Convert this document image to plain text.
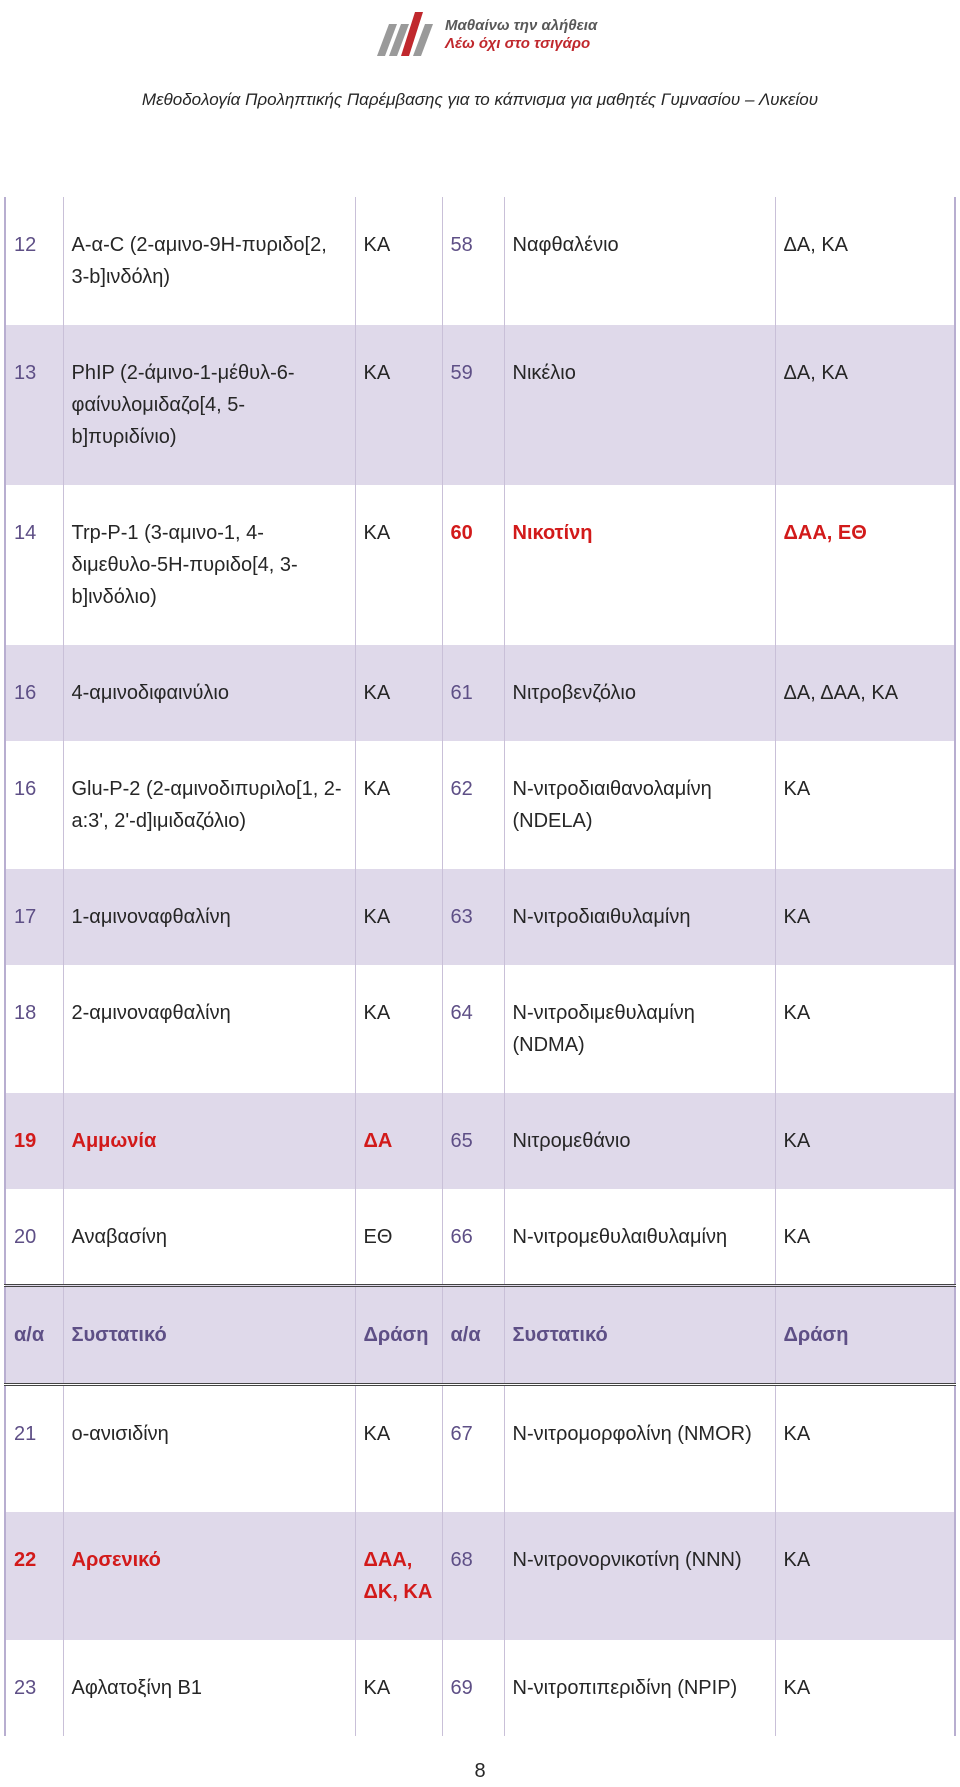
Μαθαίνω την αλήθεια
Λέω όχι στο τσιγάρο
Μεθοδολογία Προληπτικής Παρέμβασης για το κάπνισμα για μαθητές Γυμνασίου – Λυκείου
12	A-α-C (2-αμινο-9H-πυριδο[2, 3-b]ινδόλη)	ΚΑ	58	Ναφθαλένιο	ΔΑ, ΚΑ
13	PhIP (2-άμινο-1-μέθυλ-6-φαίνυλομιδαζο[4, 5-b]πυριδίνιο)	ΚΑ	59	Νικέλιο	ΔΑ, ΚΑ
14	Trp-P-1 (3-αμινο-1, 4-διμεθυλο-5H-πυριδο[4, 3-b]ινδόλιο)	ΚΑ	60	Νικοτίνη	ΔΑΑ, ΕΘ
16	4-αμινοδιφαινύλιο	ΚΑ	61	Νιτροβενζόλιο	ΔΑ, ΔΑΑ, ΚΑ
16	Glu-P-2 (2-αμινοδιπυριλο[1, 2-a:3', 2'-d]ιμιδαζόλιο)	ΚΑ	62	Ν-νιτροδιαιθανολαμίνη (NDELA)	ΚΑ
17	1-αμινοναφθαλίνη	ΚΑ	63	Ν-νιτροδιαιθυλαμίνη	ΚΑ
18	2-αμινοναφθαλίνη	ΚΑ	64	Ν-νιτροδιμεθυλαμίνη (NDMA)	ΚΑ
19	Αμμωνία	ΔΑ	65	Νιτρομεθάνιο	ΚΑ
20	Αναβασίνη	ΕΘ	66	Ν-νιτρομεθυλαιθυλαμίνη	ΚΑ
α/α	Συστατικό	Δράση	α/α	Συστατικό	Δράση
21	ο-ανισιδίνη	ΚΑ	67	Ν-νιτρομορφολίνη (NMOR)	ΚΑ
22	Αρσενικό	ΔΑΑ, ΔΚ, ΚΑ	68	Ν-νιτρονορνικοτίνη (NNN)	ΚΑ
23	Αφλατοξίνη B1	ΚΑ	69	Ν-νιτροπιπεριδίνη (NPIP)	ΚΑ
8
